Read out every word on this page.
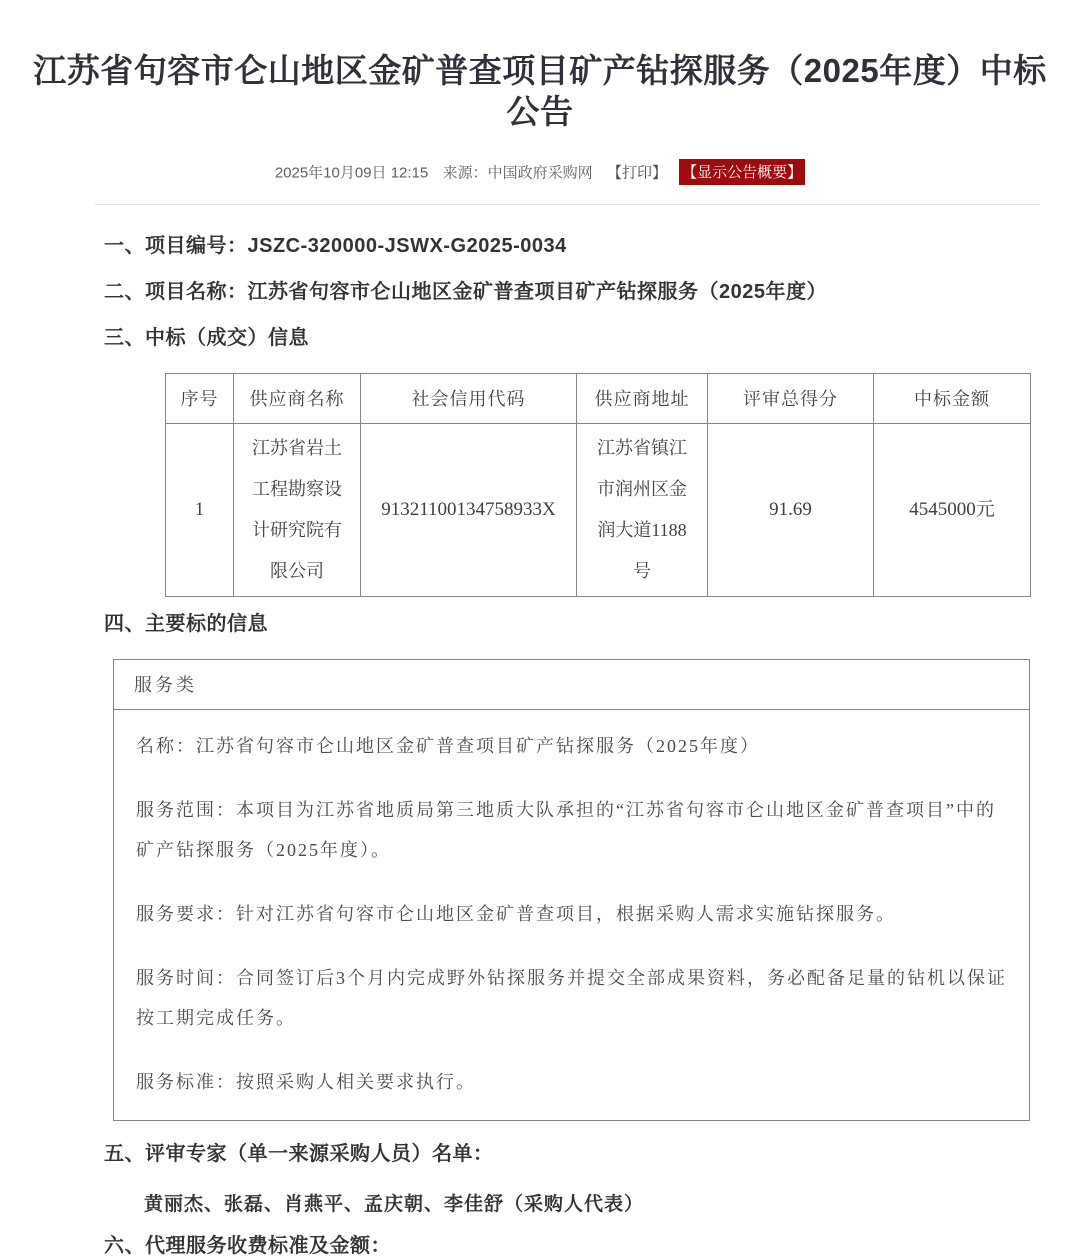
江苏省句容市仑山地区金矿普查项目矿产钻探服务（2025年度）中标公告
2025年10月09日 12:15 来源：中国政府采购网 【打印】 【显示公告概要】
一、项目编号：JSZC-320000-JSWX-G2025-0034
二、项目名称：江苏省句容市仑山地区金矿普查项目矿产钻探服务（2025年度）
三、中标（成交）信息
序号	供应商名称	社会信用代码	供应商地址	评审总得分	中标金额
1	江苏省岩土工程勘察设计研究院有限公司	91321100134758933X	江苏省镇江市润州区金润大道1188号	91.69	4545000元
四、主要标的信息
服务类

名称：江苏省句容市仑山地区金矿普查项目矿产钻探服务（2025年度）

服务范围：本项目为江苏省地质局第三地质大队承担的“江苏省句容市仑山地区金矿普查项目”中的矿产钻探服务（2025年度）。

服务要求：针对江苏省句容市仑山地区金矿普查项目，根据采购人需求实施钻探服务。

服务时间：合同签订后3个月内完成野外钻探服务并提交全部成果资料，务必配备足量的钻机以保证按工期完成任务。

服务标准：按照采购人相关要求执行。

五、评审专家（单一来源采购人员）名单：
黄丽杰、张磊、肖燕平、孟庆朝、李佳舒（采购人代表）
六、代理服务收费标准及金额：
